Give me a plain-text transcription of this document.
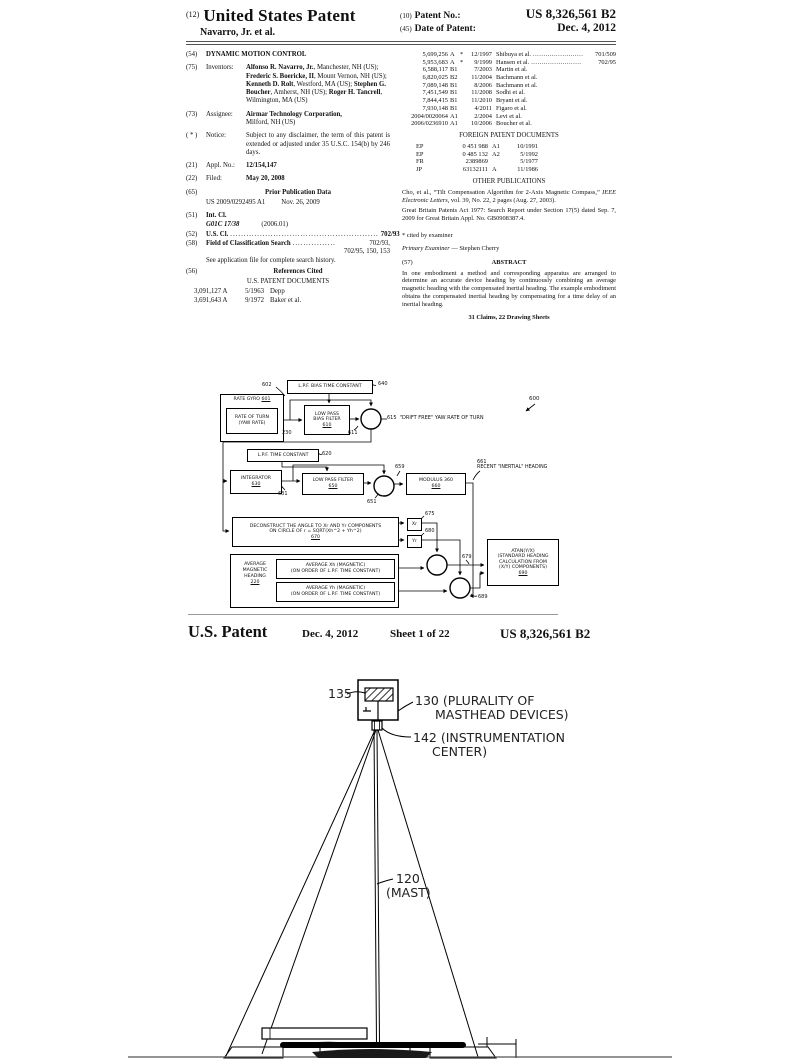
$^{(12)}$ United States Patent
Navarro, Jr. et al.
(10) Patent No.:	US 8,326,561 B2
(45) Date of Patent:	Dec. 4, 2012
(54)	DYNAMIC MOTION CONTROL
(75)	Inventors:	Alfonso R. Navarro, Jr., Manchester, NH (US); Frederic S. Boericke, II, Mount Vernon, NH (US); Kenneth D. Rolt, Westford, MA (US); Stephen G. Boucher, Amherst, NH (US); Roger H. Tancrell, Wilmington, MA (US)
(73)	Assignee:	Airmar Technology Corporation,
Milford, NH (US)
( * )	Notice:	Subject to any disclaimer, the term of this patent is extended or adjusted under 35 U.S.C. 154(b) by 246 days.
(21)	Appl. No.:	12/154,147
(22)	Filed:	May 20, 2008
(65)	Prior Publication Data
US 2009/0292495 A1 Nov. 26, 2009
(51)	Int. Cl.
G01C 17/38	(2006.01)
(52)	U.S. Cl. ....................................................... 702/93
(58)	Field of Classification Search ................	702/93,
702/95, 150, 153
See application file for complete search history.
(56)	References Cited
U.S. PATENT DOCUMENTS
3,091,127 A	5/1963 Depp
3,691,643 A	9/1972 Baker et al.
5,699,256 A *	12/1997 Shibuya et al. ........................	701/509
5,953,683 A *	9/1999 Hansen et al. ........................	702/95
6,588,117 B1	7/2003 Martin et al.
6,820,025 B2	11/2004 Bachmann et al.
7,089,148 B1	8/2006 Bachmann et al.
7,451,549 B1	11/2008 Sodhi et al.
7,844,415 B1	11/2010 Bryant et al.
7,930,148 B1	4/2011 Figaro et al.
2004/0020064 A1	2/2004 Levi et al.
2006/0236910 A1	10/2006 Boucher et al.
FOREIGN PATENT DOCUMENTS
EP	0 451 988 A1	10/1991
EP	0 485 132 A2	5/1992
FR	2389869	5/1977
JP	63132111 A	11/1986
OTHER PUBLICATIONS
Cho, et al., “Tilt Compensation Algorithm for 2-Axis Magnetic Compass,” IEEE Electronic Letters, vol. 39, No. 22, 2 pages (Aug. 27, 2003).
Great Britain Patents Act 1977: Search Report under Section 17(5) dated Sep. 7, 2009 for Great Britain Appl. No. GB0908387.4.
* cited by examiner
Primary Examiner — Stephen Cherry
(57)	ABSTRACT
In one embodiment a method and corresponding apparatus are arranged to determine an accurate device heading by continuously combining an average magnetic heading with the compensated inertial heading. The example embodiment obtains the compensated inertial heading by compensating for a time delay of an inertial heading.
31 Claims, 22 Drawing Sheets
L.P.F. BIAS TIME CONSTANT
RATE GYRO 601
RATE OF TURN
(YAW RATE)
LOW PASS
BIAS FILTER
610
L.P.F. TIME CONSTANT
INTEGRATOR
630
LOW PASS FILTER
650
MODULUS 360
660
DECONSTRUCT THE ANGLE TO Xr AND Yr COMPONENTS
ON CIRCLE OF r = SQRT(Xh^2 + Yh^2)
670
Xr
Yr
AVERAGE
MAGNETIC
HEADING
220
AVERAGE Xh (MAGNETIC)
(ON ORDER OF L.P.F. TIME CONSTANT)
AVERAGE Yh (MAGNETIC)
(ON ORDER OF L.P.F. TIME CONSTANT)
ATAN(Y/X)
(STANDARD HEADING
CALCULATION FROM
(X/Y) COMPONENTS)
690
602	640
230	611
615 "DRIFT FREE" YAW RATE OF TURN
600
620
631
651
659
661
RECENT "INERTIAL" HEADING
675
680
679
689
U.S. Patent	Dec. 4, 2012	Sheet 1 of 22	US 8,326,561 B2
135	130 (PLURALITY OF
MASTHEAD DEVICES)
142 (INSTRUMENTATION
CENTER)
120
(MAST)
